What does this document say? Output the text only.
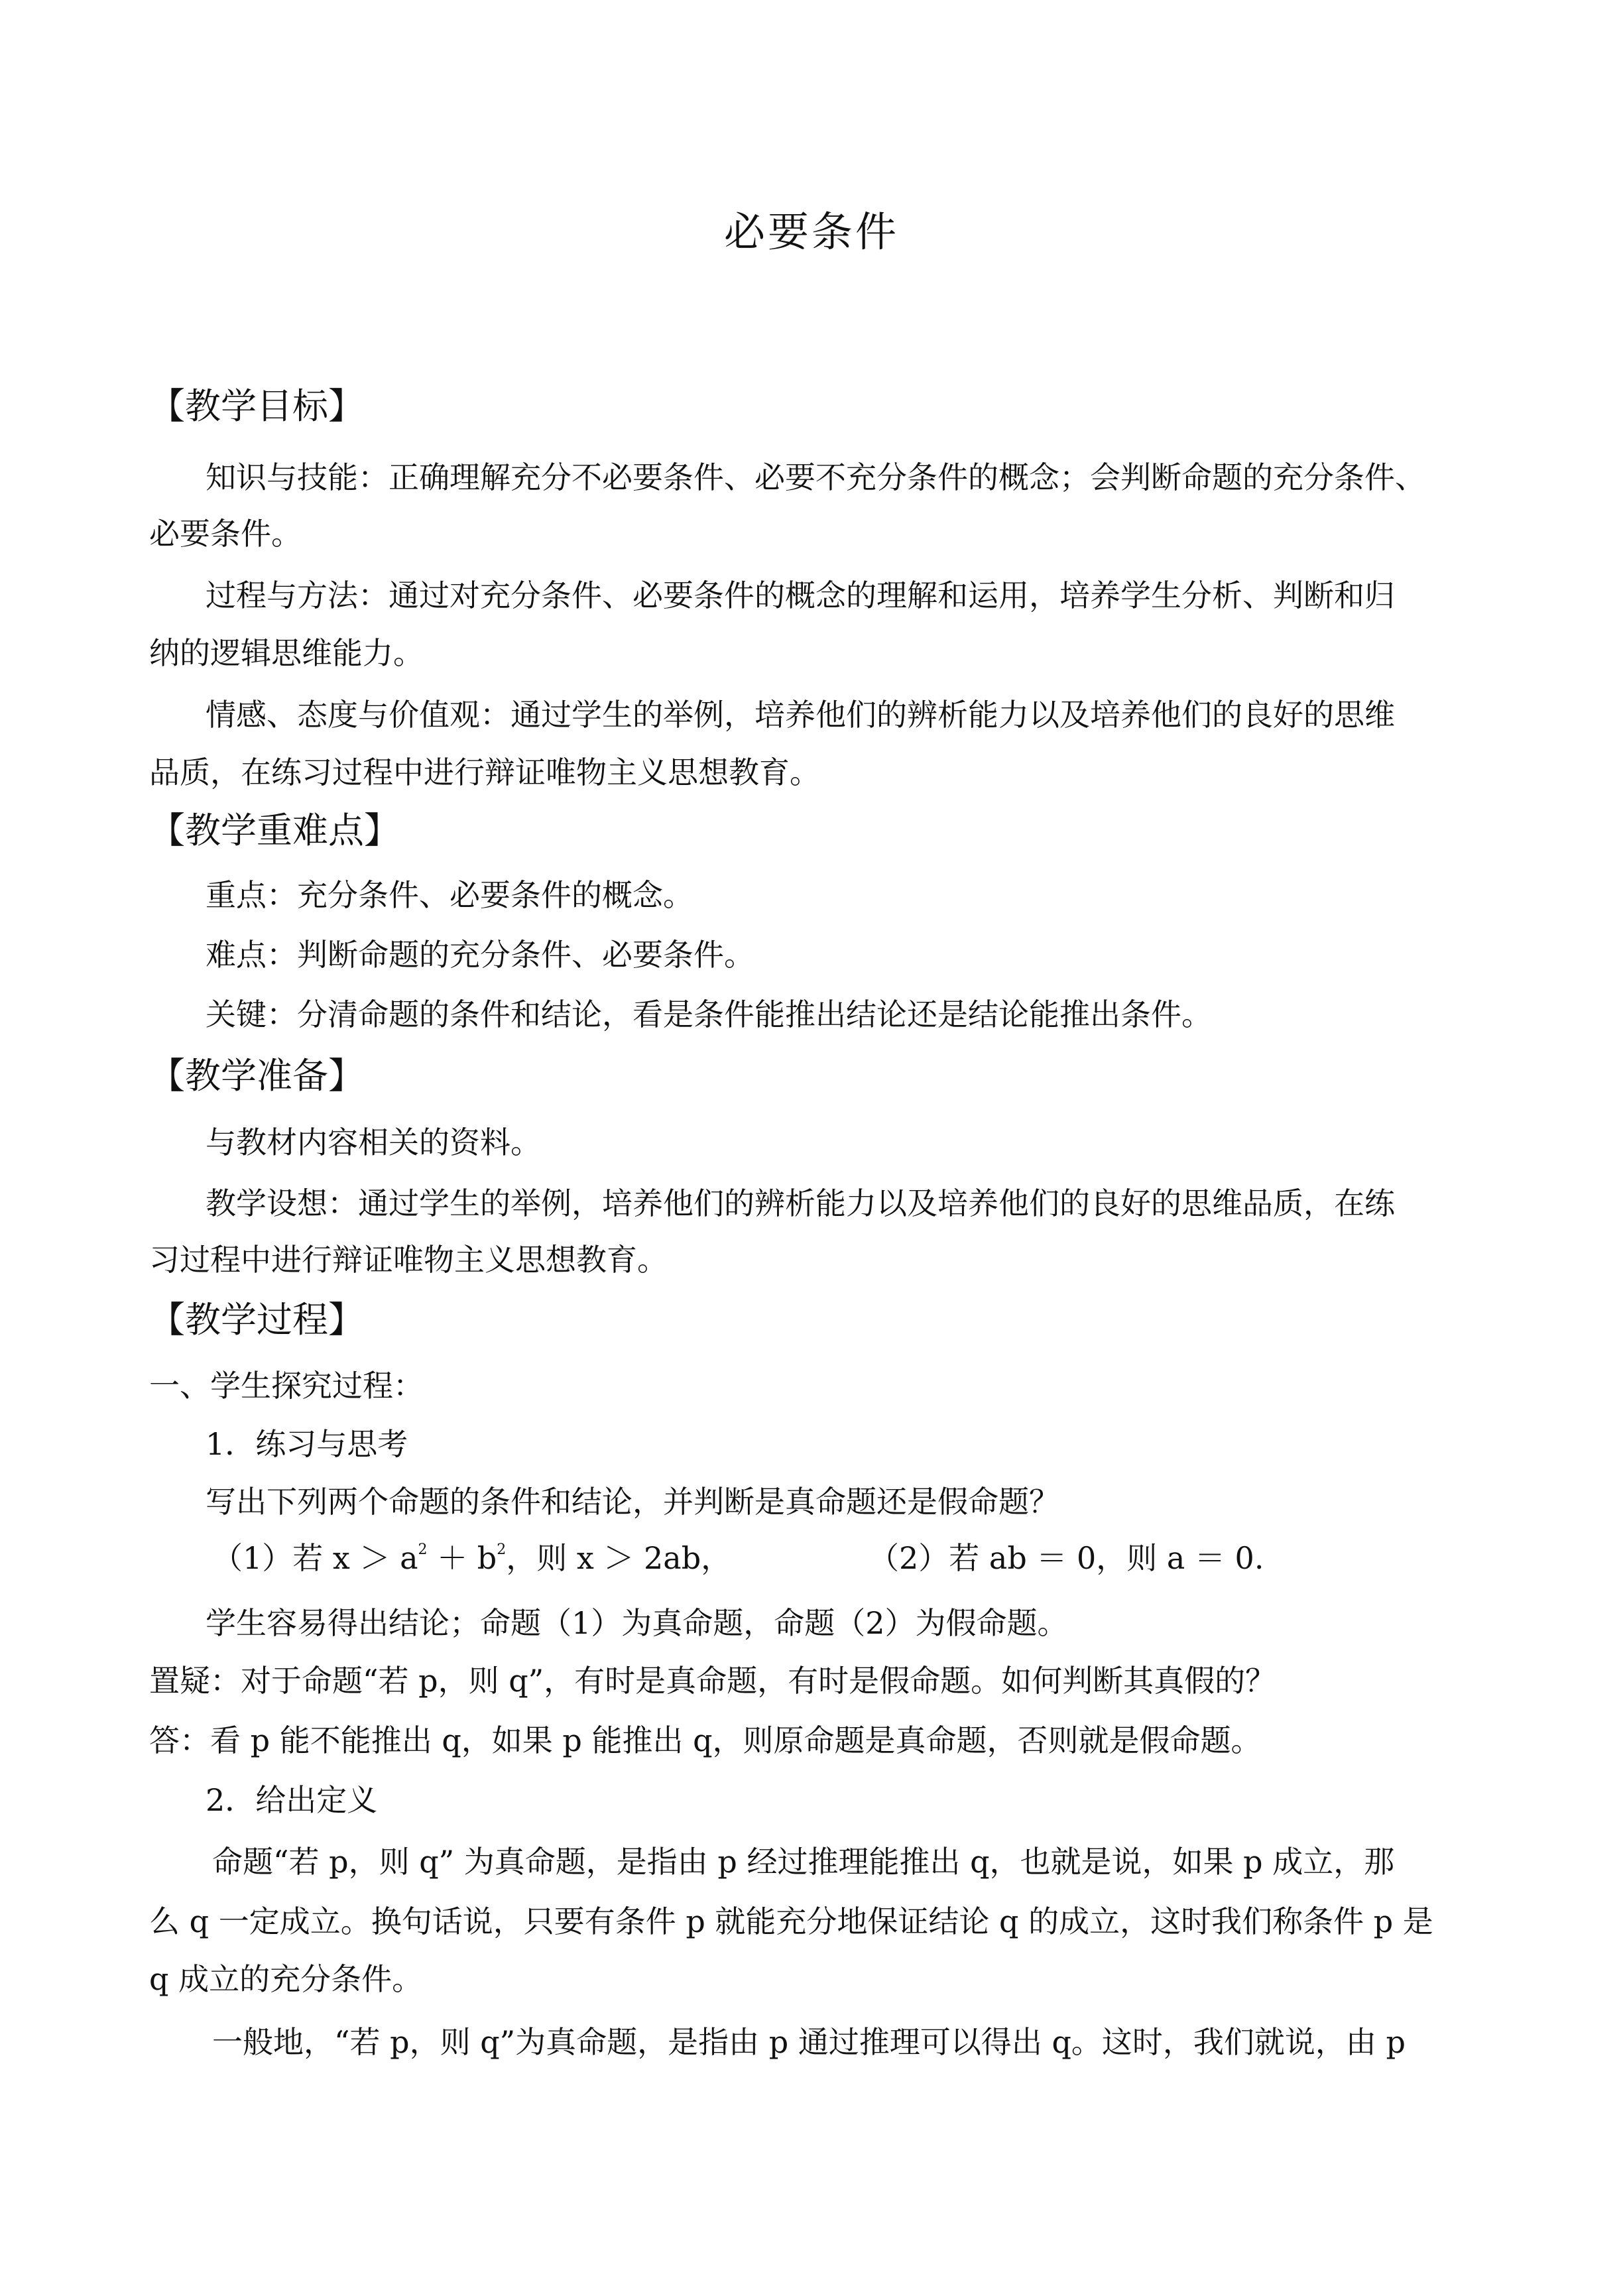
必要条件
【教学目标】
知识与技能：正确理解充分不必要条件、必要不充分条件的概念；会判断命题的充分条件、
必要条件。
过程与方法：通过对充分条件、必要条件的概念的理解和运用，培养学生分析、判断和归
纳的逻辑思维能力。
情感、态度与价值观：通过学生的举例，培养他们的辨析能力以及培养他们的良好的思维
品质，在练习过程中进行辩证唯物主义思想教育。
【教学重难点】
重点：充分条件、必要条件的概念。
难点：判断命题的充分条件、必要条件。
关键：分清命题的条件和结论，看是条件能推出结论还是结论能推出条件。
【教学准备】
与教材内容相关的资料。
教学设想：通过学生的举例，培养他们的辨析能力以及培养他们的良好的思维品质，在练
习过程中进行辩证唯物主义思想教育。
【教学过程】
一、学生探究过程：
1．练习与思考
写出下列两个命题的条件和结论，并判断是真命题还是假命题？
（1）若 $x > a^2 + b^2$，则 x ＞ 2ab，	（2）若 ab ＝ 0，则 a ＝ 0.
学生容易得出结论；命题（1）为真命题，命题（2）为假命题。
置疑：对于命题“若 p，则 q”，有时是真命题，有时是假命题。如何判断其真假的？
答：看 p 能不能推出 q，如果 p 能推出 q，则原命题是真命题，否则就是假命题。
2．给出定义
命题“若 p，则 q” 为真命题，是指由 p 经过推理能推出 q，也就是说，如果 p 成立，那
么 q 一定成立。换句话说，只要有条件 p 就能充分地保证结论 q 的成立，这时我们称条件 p 是
q 成立的充分条件。
一般地，“若 p，则 q”为真命题，是指由 p 通过推理可以得出 q。这时，我们就说，由 p
